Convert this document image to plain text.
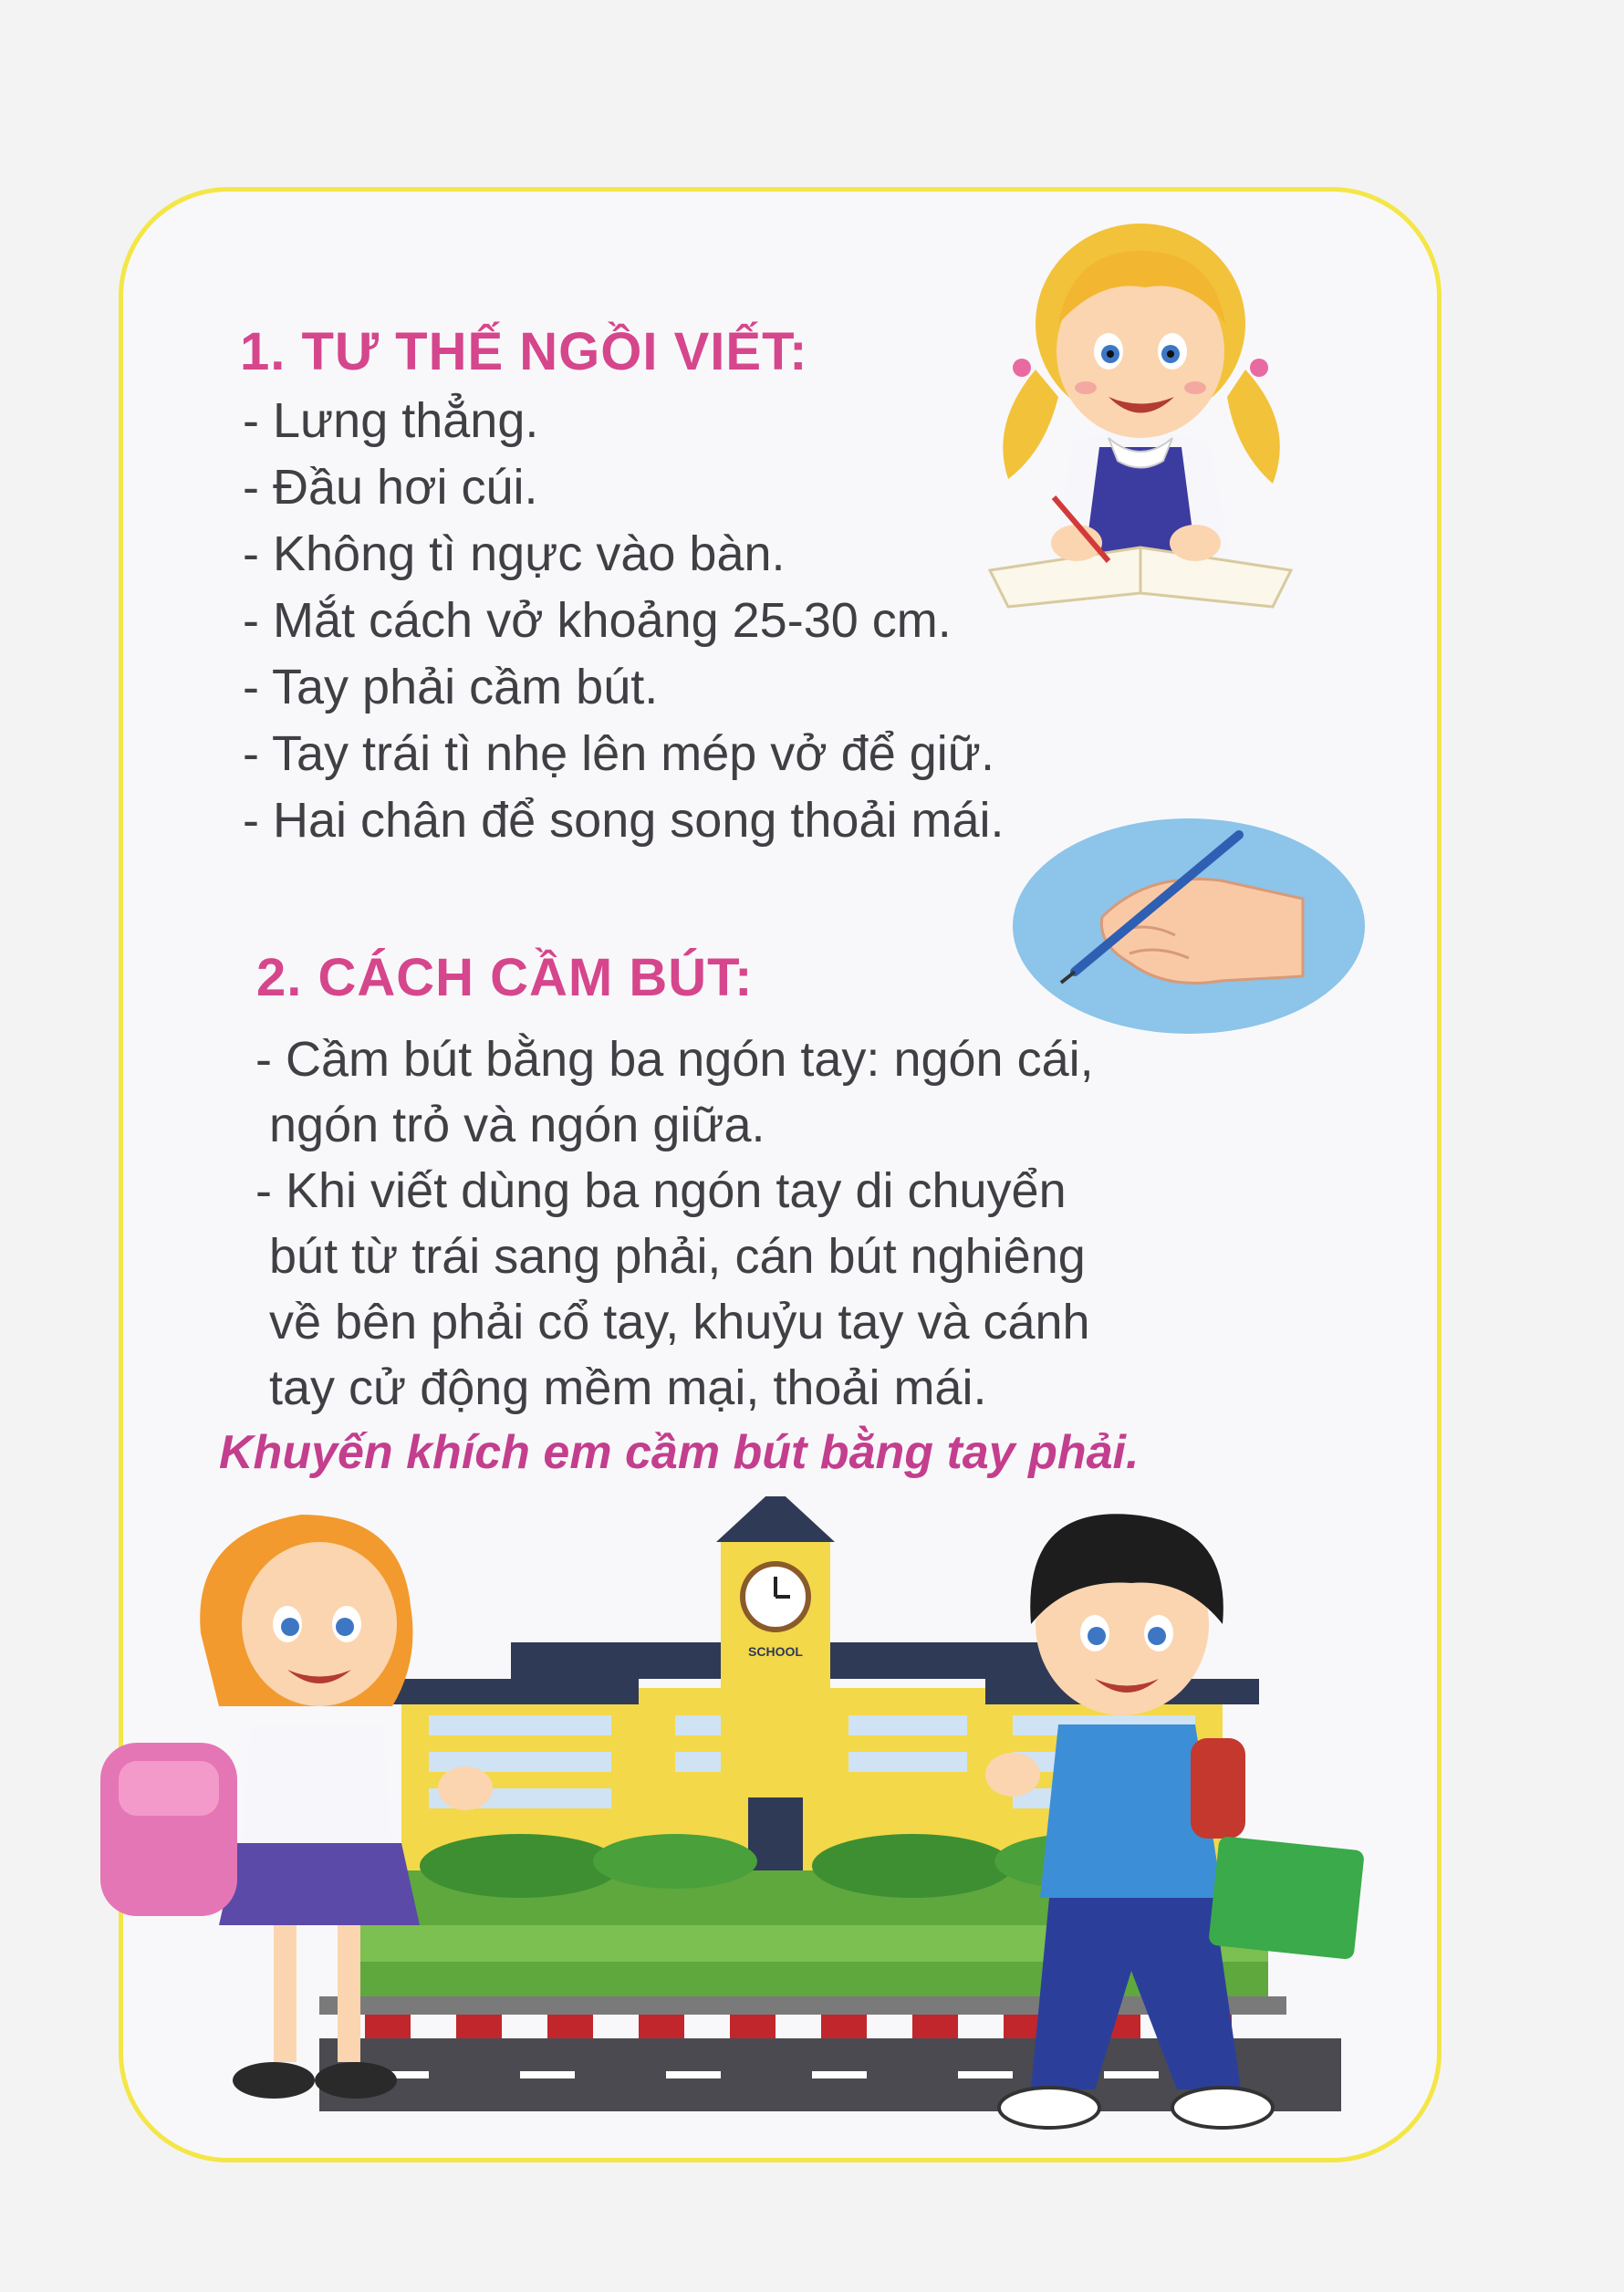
1. TƯ THẾ NGỒI VIẾT:
- Lưng thẳng.
- Đầu hơi cúi.
- Không tì ngực vào bàn.
- Mắt cách vở khoảng 25-30 cm.
- Tay phải cầm bút.
- Tay trái tì nhẹ lên mép vở để giữ.
- Hai chân để song song thoải mái.
2. CÁCH CẦM BÚT:
- Cầm bút bằng ba ngón tay: ngón cái,
ngón trỏ và ngón giữa.
- Khi viết dùng ba ngón tay di chuyển
bút từ trái sang phải, cán bút nghiêng
về bên phải cổ tay, khuỷu tay và cánh
tay cử động mềm mại, thoải mái.

Khuyến khích em cầm bút bằng tay phải.

SCHOOL
